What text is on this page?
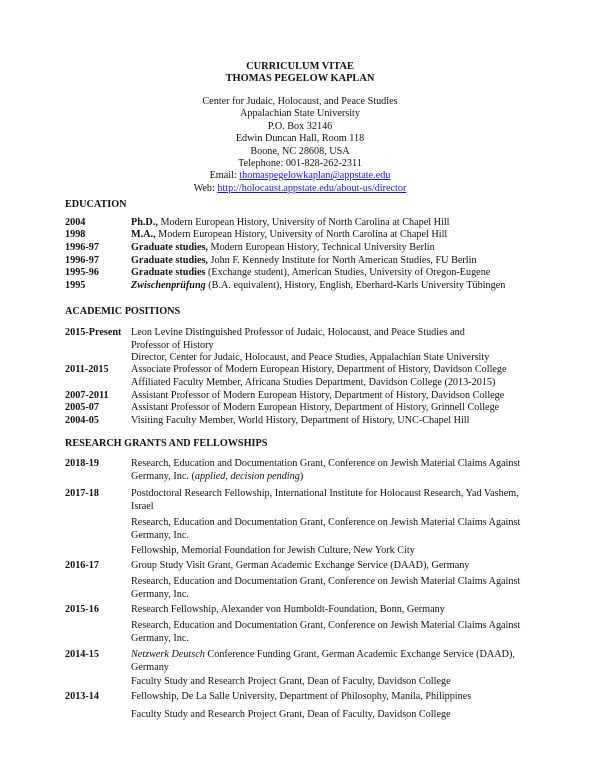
CURRICULUM VITAE
THOMAS PEGELOW KAPLAN
Center for Judaic, Holocaust, and Peace Studies
Appalachian State University
P.O. Box 32146
Edwin Duncan Hall, Room 118
Boone, NC 28608, USA
Telephone: 001-828-262-2311
Email: thomaspegelowkaplan@appstate.edu
Web: http://holocaust.appstate.edu/about-us/director
EDUCATION
2004	Ph.D., Modern European History, University of North Carolina at Chapel Hill
1998	M.A., Modern European History, University of North Carolina at Chapel Hill
1996-97	Graduate studies, Modern European History, Technical University Berlin
1996-97	Graduate studies, John F. Kennedy Institute for North American Studies, FU Berlin
1995-96	Graduate studies (Exchange student), American Studies, University of Oregon-Eugene
1995	Zwischenprüfung (B.A. equivalent), History, English, Eberhard-Karls University Tübingen
ACADEMIC POSITIONS
2015-Present Leon Levine Distinguished Professor of Judaic, Holocaust, and Peace Studies and Professor of History
Director, Center for Judaic, Holocaust, and Peace Studies, Appalachian State University
2011-2015 Associate Professor of Modern European History, Department of History, Davidson College
Affiliated Faculty Member, Africana Studies Department, Davidson College (2013-2015)
2007-2011 Assistant Professor of Modern European History, Department of History, Davidson College
2005-07	Assistant Professor of Modern European History, Department of History, Grinnell College
2004-05	Visiting Faculty Member, World History, Department of History, UNC-Chapel Hill
RESEARCH GRANTS AND FELLOWSHIPS
2018-19	Research, Education and Documentation Grant, Conference on Jewish Material Claims Against Germany, Inc. (applied, decision pending)
2017-18	Postdoctoral Research Fellowship, International Institute for Holocaust Research, Yad Vashem, Israel
Research, Education and Documentation Grant, Conference on Jewish Material Claims Against Germany, Inc.
Fellowship, Memorial Foundation for Jewish Culture, New York City
2016-17	Group Study Visit Grant, German Academic Exchange Service (DAAD), Germany
Research, Education and Documentation Grant, Conference on Jewish Material Claims Against Germany, Inc.
2015-16	Research Fellowship, Alexander von Humboldt-Foundation, Bonn, Germany
Research, Education and Documentation Grant, Conference on Jewish Material Claims Against Germany, Inc.
2014-15	Netzwerk Deutsch Conference Funding Grant, German Academic Exchange Service (DAAD), Germany
Faculty Study and Research Project Grant, Dean of Faculty, Davidson College
2013-14	Fellowship, De La Salle University, Department of Philosophy, Manila, Philippines
Faculty Study and Research Project Grant, Dean of Faculty, Davidson College
